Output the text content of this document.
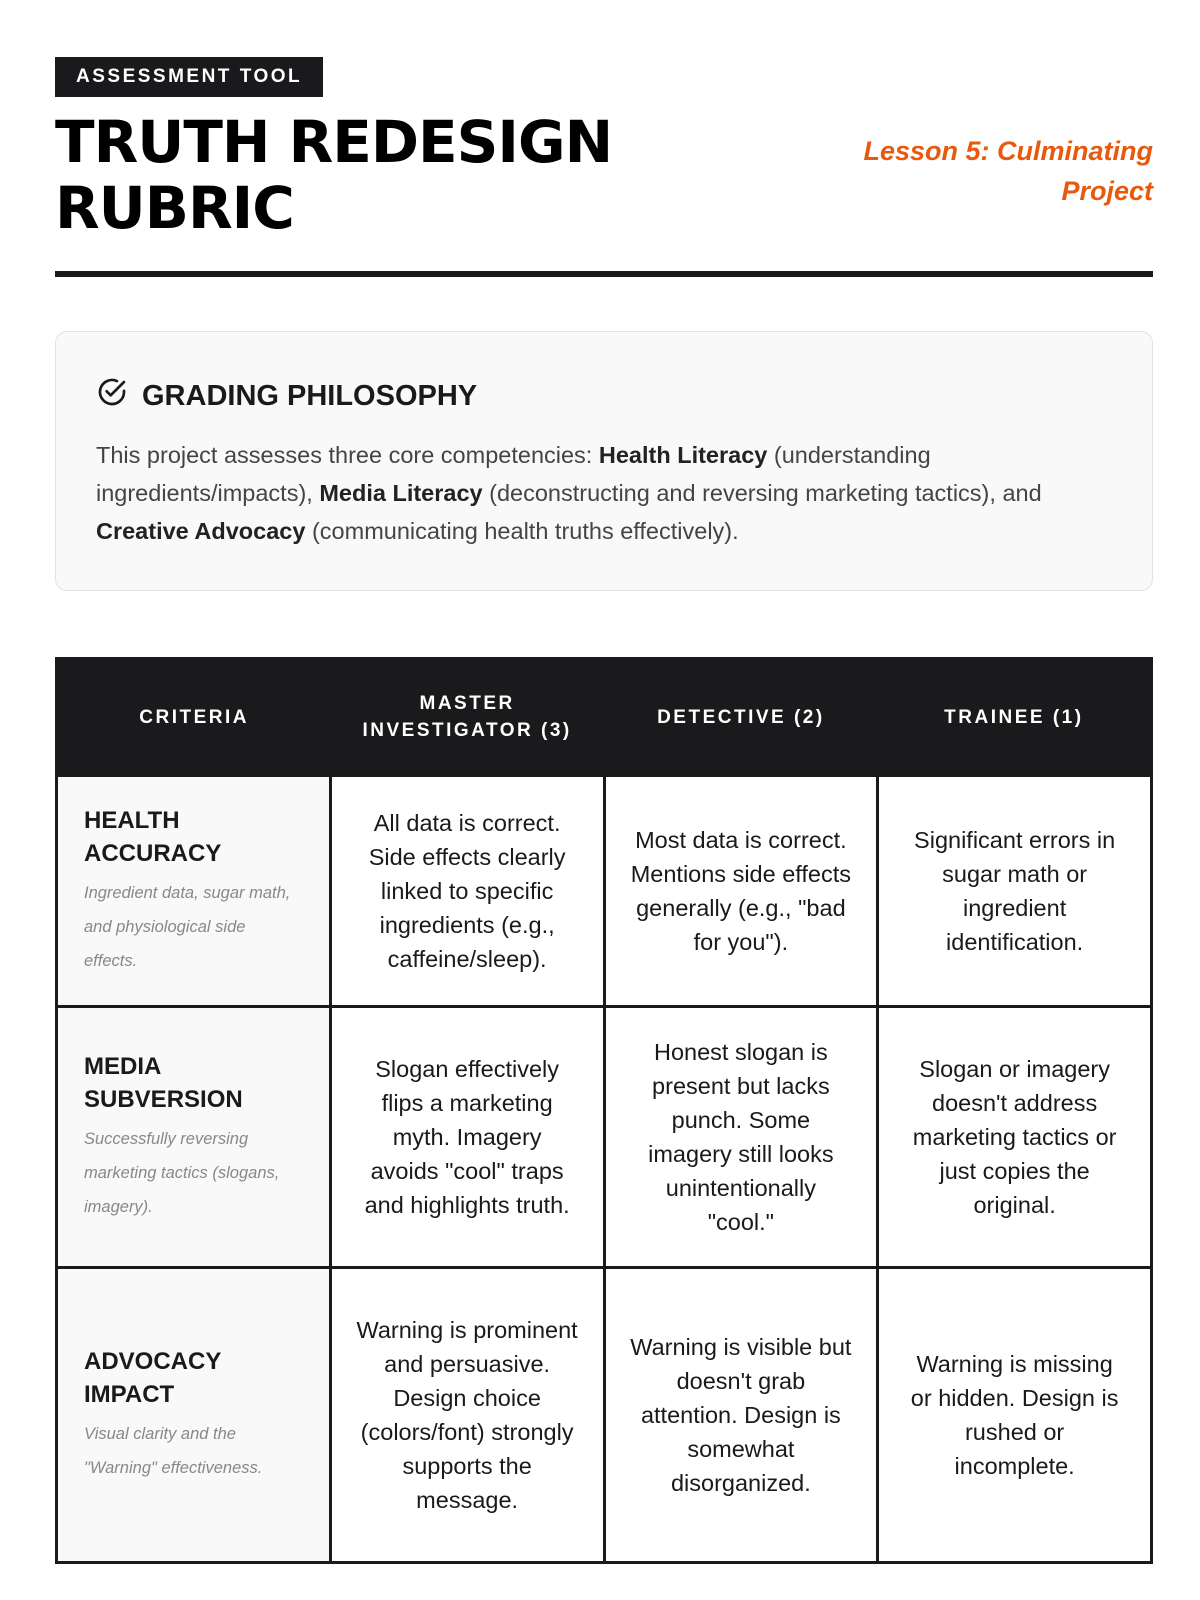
ASSESSMENT TOOL
TRUTH REDESIGN
RUBRIC
Lesson 5: Culminating Project
GRADING PHILOSOPHY

This project assesses three core competencies: Health Literacy (understanding ingredients/impacts), Media Literacy (deconstructing and reversing marketing tactics), and Creative Advocacy (communicating health truths effectively).

CRITERIA	MASTER INVESTIGATOR (3)	DETECTIVE (2)	TRAINEE (1)

HEALTH ACCURACY
Ingredient data, sugar math, and physiological side effects.	All data is correct. Side effects clearly linked to specific ingredients (e.g., caffeine/sleep).	Most data is correct. Mentions side effects generally (e.g., "bad for you").	Significant errors in sugar math or ingredient identification.

MEDIA SUBVERSION
Successfully reversing marketing tactics (slogans, imagery).	Slogan effectively flips a marketing myth. Imagery avoids "cool" traps and highlights truth.	Honest slogan is present but lacks punch. Some imagery still looks unintentionally "cool."	Slogan or imagery doesn't address marketing tactics or just copies the original.

ADVOCACY IMPACT
Visual clarity and the "Warning" effectiveness.	Warning is prominent and persuasive. Design choice (colors/font) strongly supports the message.	Warning is visible but doesn't grab attention. Design is somewhat disorganized.	Warning is missing or hidden. Design is rushed or incomplete.
